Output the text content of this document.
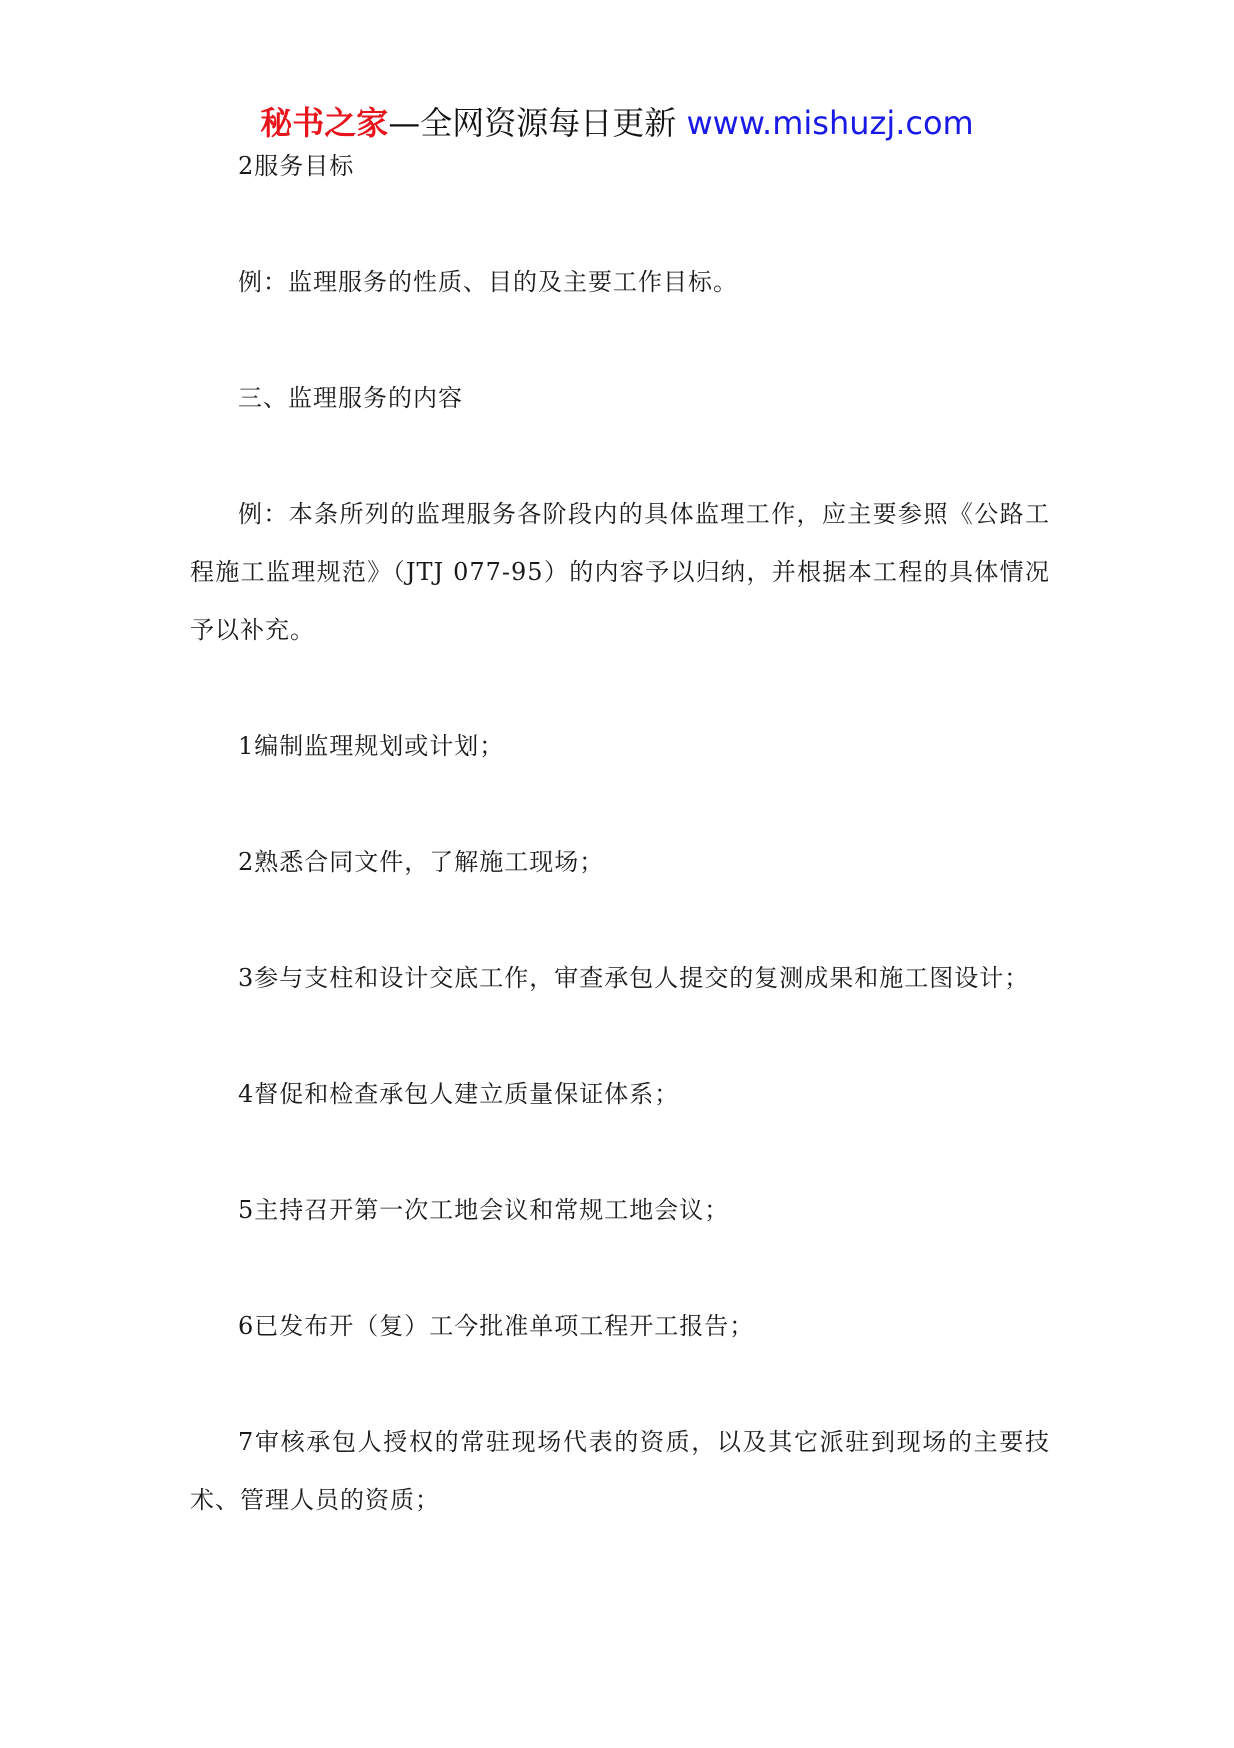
秘书之家—全网资源每日更新 www.mishuzj.com

2服务目标

例：监理服务的性质、目的及主要工作目标。

三、监理服务的内容

例：本条所列的监理服务各阶段内的具体监理工作，应主要参照《公路工程施工监理规范》（JTJ 077-95）的内容予以归纳，并根据本工程的具体情况予以补充。

1编制监理规划或计划；

2熟悉合同文件，了解施工现场；

3参与支柱和设计交底工作，审查承包人提交的复测成果和施工图设计；

4督促和检查承包人建立质量保证体系；

5主持召开第一次工地会议和常规工地会议；

6已发布开（复）工今批准单项工程开工报告；

7审核承包人授权的常驻现场代表的资质，以及其它派驻到现场的主要技术、管理人员的资质；
